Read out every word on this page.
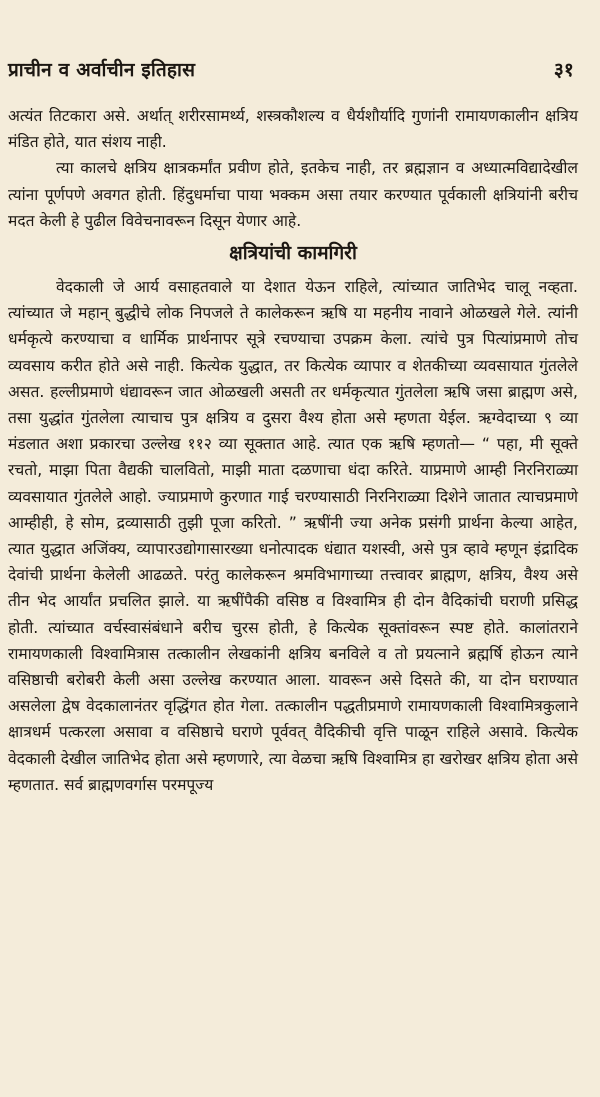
प्राचीन व अर्वाचीन इतिहास	३१

अत्यंत तिटकारा असे. अर्थात् शरीरसामर्थ्य, शस्त्रकौशल्य व धैर्यशौर्यादि गुणांनी रामायणकालीन क्षत्रिय मंडित होते, यात संशय नाही.

त्या कालचे क्षत्रिय क्षात्रकर्मांत प्रवीण होते, इतकेच नाही, तर ब्रह्मज्ञान व अध्यात्मविद्यादेखील त्यांना पूर्णपणे अवगत होती. हिंदुधर्माचा पाया भक्कम असा तयार करण्यात पूर्वकाली क्षत्रियांनी बरीच मदत केली हे पुढील विवेचनावरून दिसून येणार आहे.

क्षत्रियांची कामगिरी

वेदकाली जे आर्य वसाहतवाले या देशात येऊन राहिले, त्यांच्यात जातिभेद चालू नव्हता. त्यांच्यात जे महान् बुद्धीचे लोक निपजले ते कालेकरून ऋषि या महनीय नावाने ओळखले गेले. त्यांनी धर्मकृत्ये करण्याचा व धार्मिक प्रार्थनापर सूत्रे रचण्याचा उपक्रम केला. त्यांचे पुत्र पित्यांप्रमाणे तोच व्यवसाय करीत होते असे नाही. कित्येक युद्धात, तर कित्येक व्यापार व शेतकीच्या व्यवसायात गुंतलेले असत. हल्लीप्रमाणे धंद्यावरून जात ओळखली असती तर धर्मकृत्यात गुंतलेला ऋषि जसा ब्राह्मण असे, तसा युद्धांत गुंतलेला त्याचाच पुत्र क्षत्रिय व दुसरा वैश्य होता असे म्हणता येईल. ऋग्वेदाच्या ९ व्या मंडलात अशा प्रकारचा उल्लेख ११२ व्या सूक्तात आहे. त्यात एक ऋषि म्हणतो— “ पहा, मी सूक्ते रचतो, माझा पिता वैद्यकी चालवितो, माझी माता दळणाचा धंदा करिते. याप्रमाणे आम्ही निरनिराळ्या व्यवसायात गुंतलेले आहो. ज्याप्रमाणे कुरणात गाई चरण्यासाठी निरनिराळ्या दिशेने जातात त्याचप्रमाणे आम्हीही, हे सोम, द्रव्यासाठी तुझी पूजा करितो. ” ऋषींनी ज्या अनेक प्रसंगी प्रार्थना केल्या आहेत, त्यात युद्धात अजिंक्य, व्यापारउद्योगासारख्या धनोत्पादक धंद्यात यशस्वी, असे पुत्र व्हावे म्हणून इंद्रादिक देवांची प्रार्थना केलेली आढळते. परंतु कालेकरून श्रमविभागाच्या तत्त्वावर ब्राह्मण, क्षत्रिय, वैश्य असे तीन भेद आर्यांत प्रचलित झाले. या ऋषींपैकी वसिष्ठ व विश्वामित्र ही दोन वैदिकांची घराणी प्रसिद्ध होती. त्यांच्यात वर्चस्वासंबंधाने बरीच चुरस होती, हे कित्येक सूक्तांवरून स्पष्ट होते. कालांतराने रामायणकाली विश्वामित्रास तत्कालीन लेखकांनी क्षत्रिय बनविले व तो प्रयत्नाने ब्रह्मर्षि होऊन त्याने वसिष्ठाची बरोबरी केली असा उल्लेख करण्यात आला. यावरून असे दिसते की, या दोन घराण्यात असलेला द्वेष वेदकालानंतर वृद्धिंगत होत गेला. तत्कालीन पद्धतीप्रमाणे रामायणकाली विश्वामित्रकुलाने क्षात्रधर्म पत्करला असावा व वसिष्ठाचे घराणे पूर्ववत् वैदिकीची वृत्ति पाळून राहिले असावे. कित्येक वेदकाली देखील जातिभेद होता असे म्हणणारे, त्या वेळचा ऋषि विश्वामित्र हा खरोखर क्षत्रिय होता असे म्हणतात. सर्व ब्राह्मणवर्गास परमपूज्य
